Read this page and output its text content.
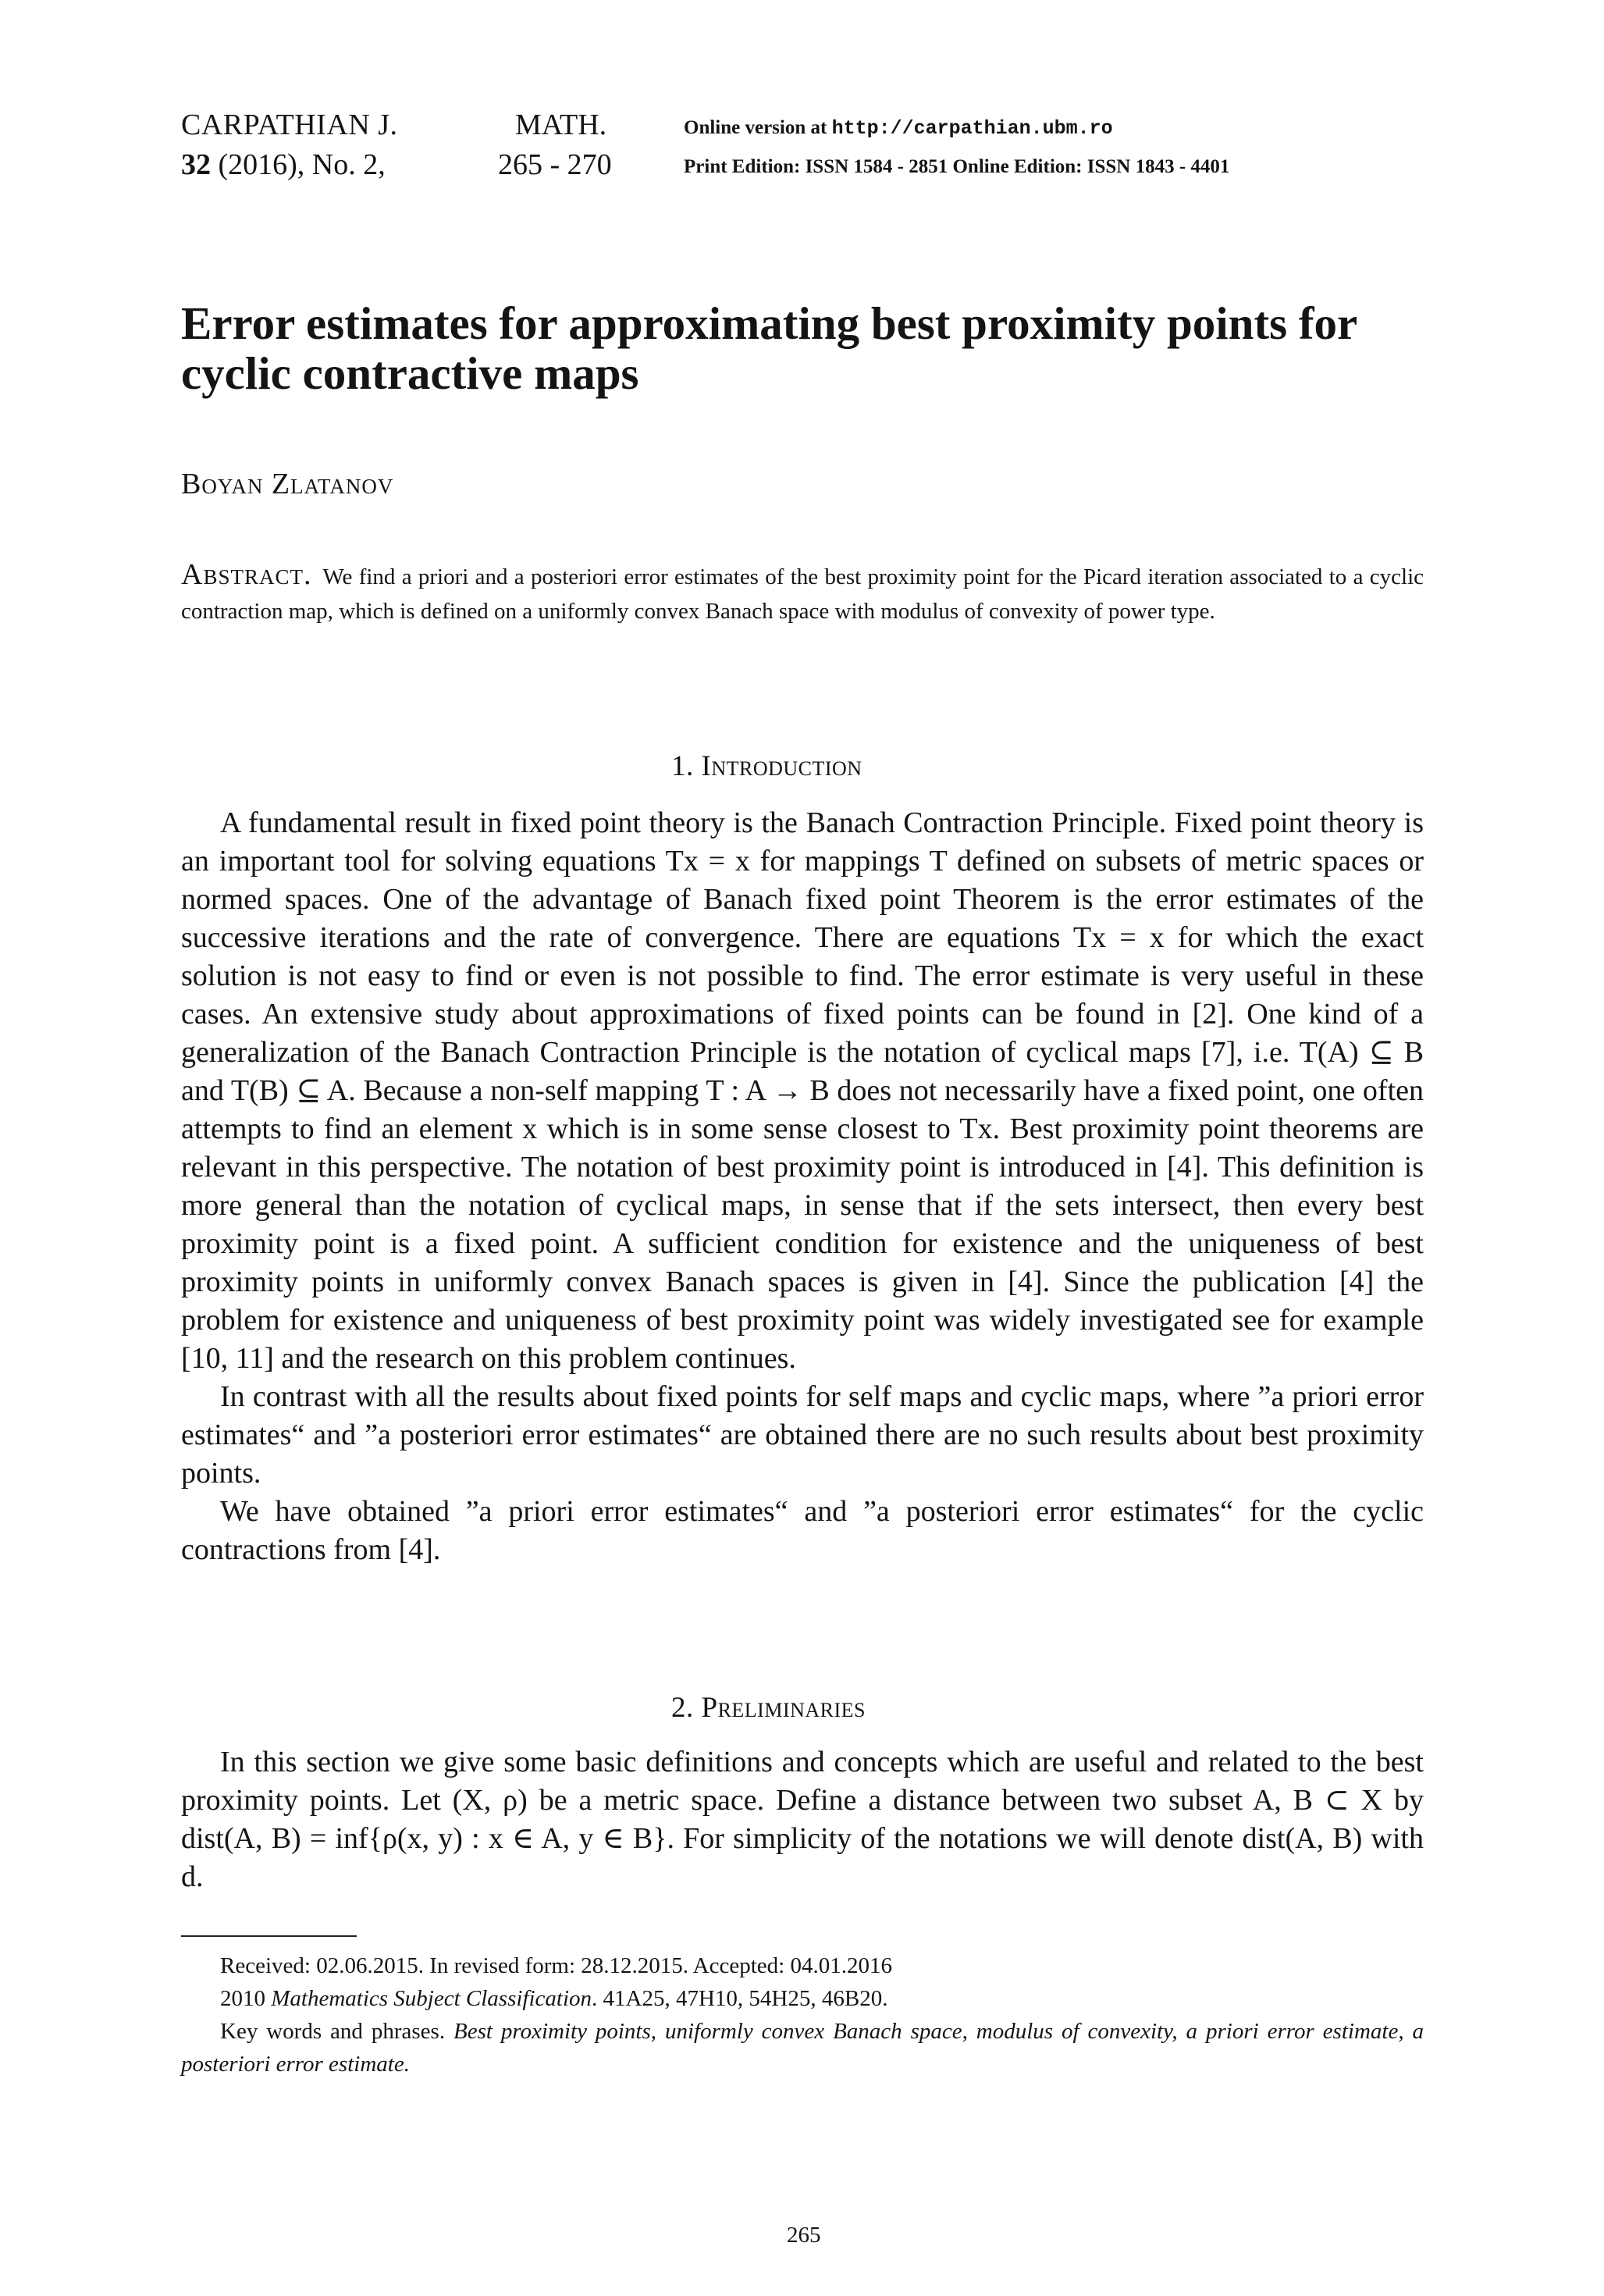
CARPATHIAN J.	MATH.
32 (2016), No. 2,	265 - 270
Online version at http://carpathian.ubm.ro
Print Edition: ISSN 1584 - 2851 Online Edition: ISSN 1843 - 4401
Error estimates for approximating best proximity points for cyclic contractive maps
Boyan Zlatanov
Abstract. We find a priori and a posteriori error estimates of the best proximity point for the Picard iteration associated to a cyclic contraction map, which is defined on a uniformly convex Banach space with modulus of convexity of power type.
1. Introduction

A fundamental result in fixed point theory is the Banach Contraction Principle. Fixed point theory is an important tool for solving equations Tx = x for mappings T defined on subsets of metric spaces or normed spaces. One of the advantage of Banach fixed point Theorem is the error estimates of the successive iterations and the rate of convergence. There are equations Tx = x for which the exact solution is not easy to find or even is not possible to find. The error estimate is very useful in these cases. An extensive study about approximations of fixed points can be found in [2]. One kind of a generalization of the Banach Contraction Principle is the notation of cyclical maps [7], i.e. T(A) ⊆ B and T(B) ⊆ A. Because a non-self mapping T : A → B does not necessarily have a fixed point, one often attempts to find an element x which is in some sense closest to Tx. Best proximity point theorems are relevant in this perspective. The notation of best proximity point is introduced in [4]. This definition is more general than the notation of cyclical maps, in sense that if the sets intersect, then every best proximity point is a fixed point. A sufficient condition for existence and the uniqueness of best proximity points in uniformly convex Banach spaces is given in [4]. Since the publication [4] the problem for existence and uniqueness of best proximity point was widely investigated see for example [10, 11] and the research on this problem continues.

In contrast with all the results about fixed points for self maps and cyclic maps, where ”a priori error estimates“ and ”a posteriori error estimates“ are obtained there are no such results about best proximity points.

We have obtained ”a priori error estimates“ and ”a posteriori error estimates“ for the cyclic contractions from [4].

2. Preliminaries

In this section we give some basic definitions and concepts which are useful and related to the best proximity points. Let (X, ρ) be a metric space. Define a distance between two subset A, B ⊂ X by dist(A, B) = inf{ρ(x, y) : x ∈ A, y ∈ B}. For simplicity of the notations we will denote dist(A, B) with d.

Received: 02.06.2015. In revised form: 28.12.2015. Accepted: 04.01.2016

2010 Mathematics Subject Classification. 41A25, 47H10, 54H25, 46B20.

Key words and phrases. Best proximity points, uniformly convex Banach space, modulus of convexity, a priori error estimate, a posteriori error estimate.

265
